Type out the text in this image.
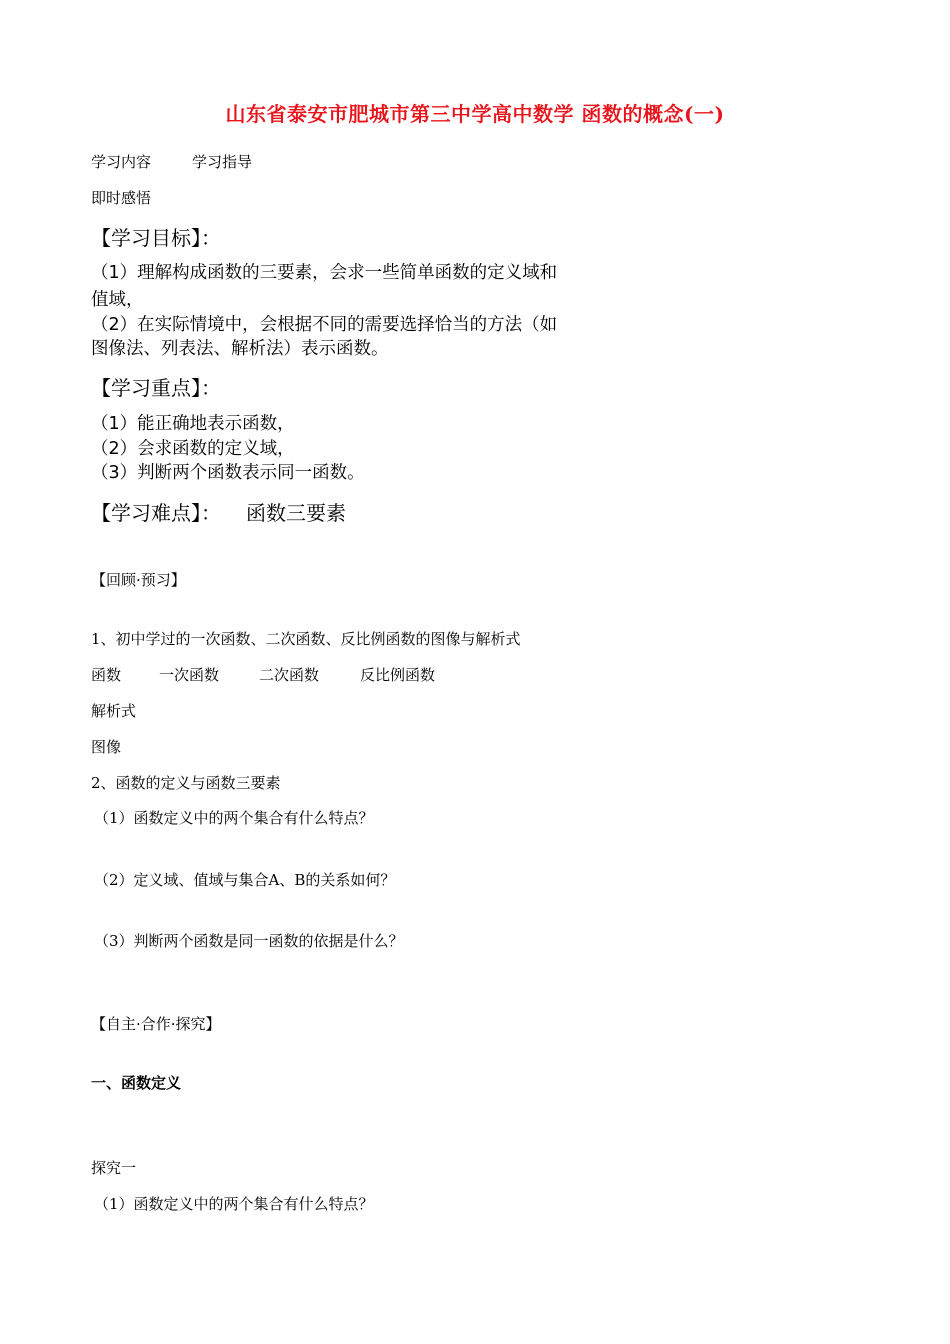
山东省泰安市肥城市第三中学高中数学 函数的概念(一)
学习内容	学习指导
即时感悟
【学习目标】：
（1）理解构成函数的三要素，会求一些简单函数的定义域和
值域，
（2）在实际情境中，会根据不同的需要选择恰当的方法（如
图像法、列表法、解析法）表示函数。
【学习重点】：
（1）能正确地表示函数，
（2）会求函数的定义域，
（3）判断两个函数表示同一函数。
【学习难点】： 函数三要素
【回顾·预习】
1、初中学过的一次函数、二次函数、反比例函数的图像与解析式
函数	一次函数	二次函数	反比例函数
解析式
图像
2、函数的定义与函数三要素
（1）函数定义中的两个集合有什么特点？
（2）定义域、值域与集合A、B的关系如何？
（3）判断两个函数是同一函数的依据是什么？
【自主·合作·探究】
一、函数定义
探究一
（1）函数定义中的两个集合有什么特点？
